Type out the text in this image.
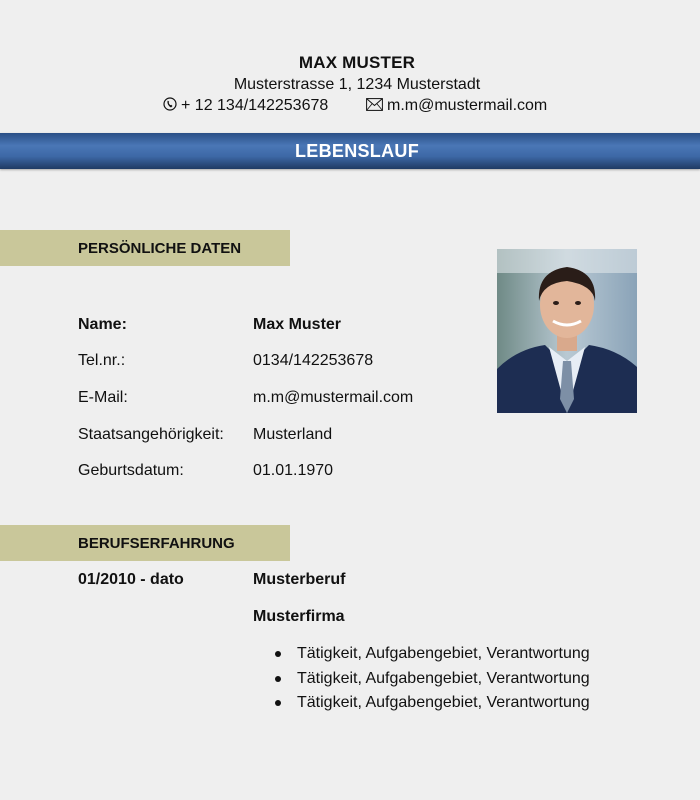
MAX MUSTER
Musterstrasse 1, 1234 Musterstadt
+ 12 134/142253678	m.m@mustermail.com
LEBENSLAUF
PERSÖNLICHE DATEN
Name:	Max Muster
Tel.nr.:	0134/142253678
E-Mail:	m.m@mustermail.com
Staatsangehörigkeit: Musterland
Geburtsdatum:	01.01.1970
BERUFSERFAHRUNG
01/2010 - dato	Musterberuf
Musterfirma
Tätigkeit, Aufgabengebiet, Verantwortung
Tätigkeit, Aufgabengebiet, Verantwortung
Tätigkeit, Aufgabengebiet, Verantwortung
